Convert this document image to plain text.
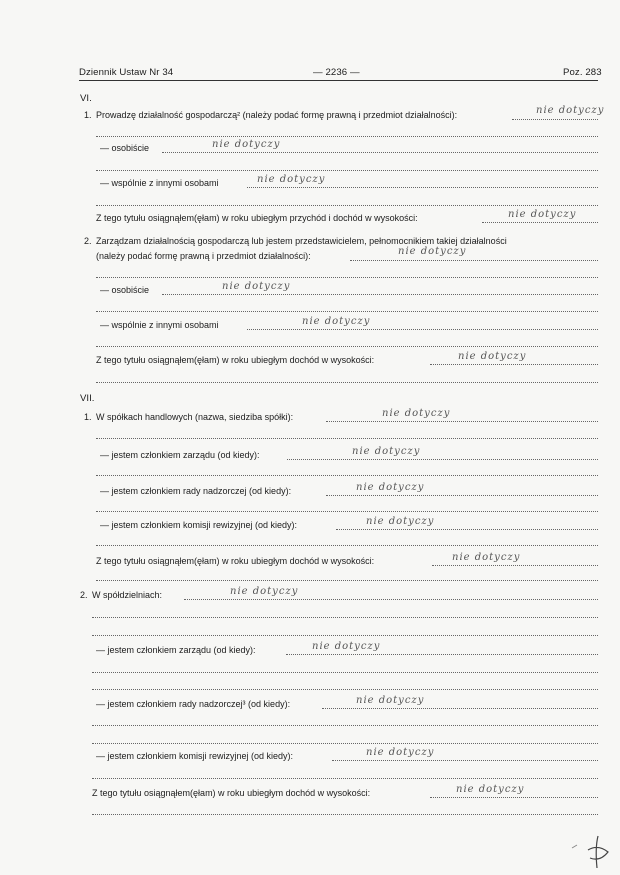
Dziennik Ustaw Nr 34	— 2236 —	Poz. 283
VI.
1. Prowadzę działalność gospodarczą² (należy podać formę prawną i przedmiot działalności):	nie dotyczy
— osobiście	nie dotyczy
— wspólnie z innymi osobami	nie dotyczy
Z tego tytułu osiągnąłem(ęłam) w roku ubiegłym przychód i dochód w wysokości:	nie dotyczy
2. Zarządzam działalnością gospodarczą lub jestem przedstawicielem, pełnomocnikiem takiej działalności
(należy podać formę prawną i przedmiot działalności):	nie dotyczy
— osobiście	nie dotyczy
— wspólnie z innymi osobami	nie dotyczy
Z tego tytułu osiągnąłem(ęłam) w roku ubiegłym dochód w wysokości:	nie dotyczy
VII.
1. W spółkach handlowych (nazwa, siedziba spółki):	nie dotyczy
— jestem członkiem zarządu (od kiedy):	nie dotyczy
— jestem członkiem rady nadzorczej (od kiedy):	nie dotyczy
— jestem członkiem komisji rewizyjnej (od kiedy):	nie dotyczy
Z tego tytułu osiągnąłem(ęłam) w roku ubiegłym dochód w wysokości:	nie dotyczy
2. W spółdzielniach:	nie dotyczy
— jestem członkiem zarządu (od kiedy):	nie dotyczy
— jestem członkiem rady nadzorczej³ (od kiedy):	nie dotyczy
— jestem członkiem komisji rewizyjnej (od kiedy):	nie dotyczy
Z tego tytułu osiągnąłem(ęłam) w roku ubiegłym dochód w wysokości:	nie dotyczy
